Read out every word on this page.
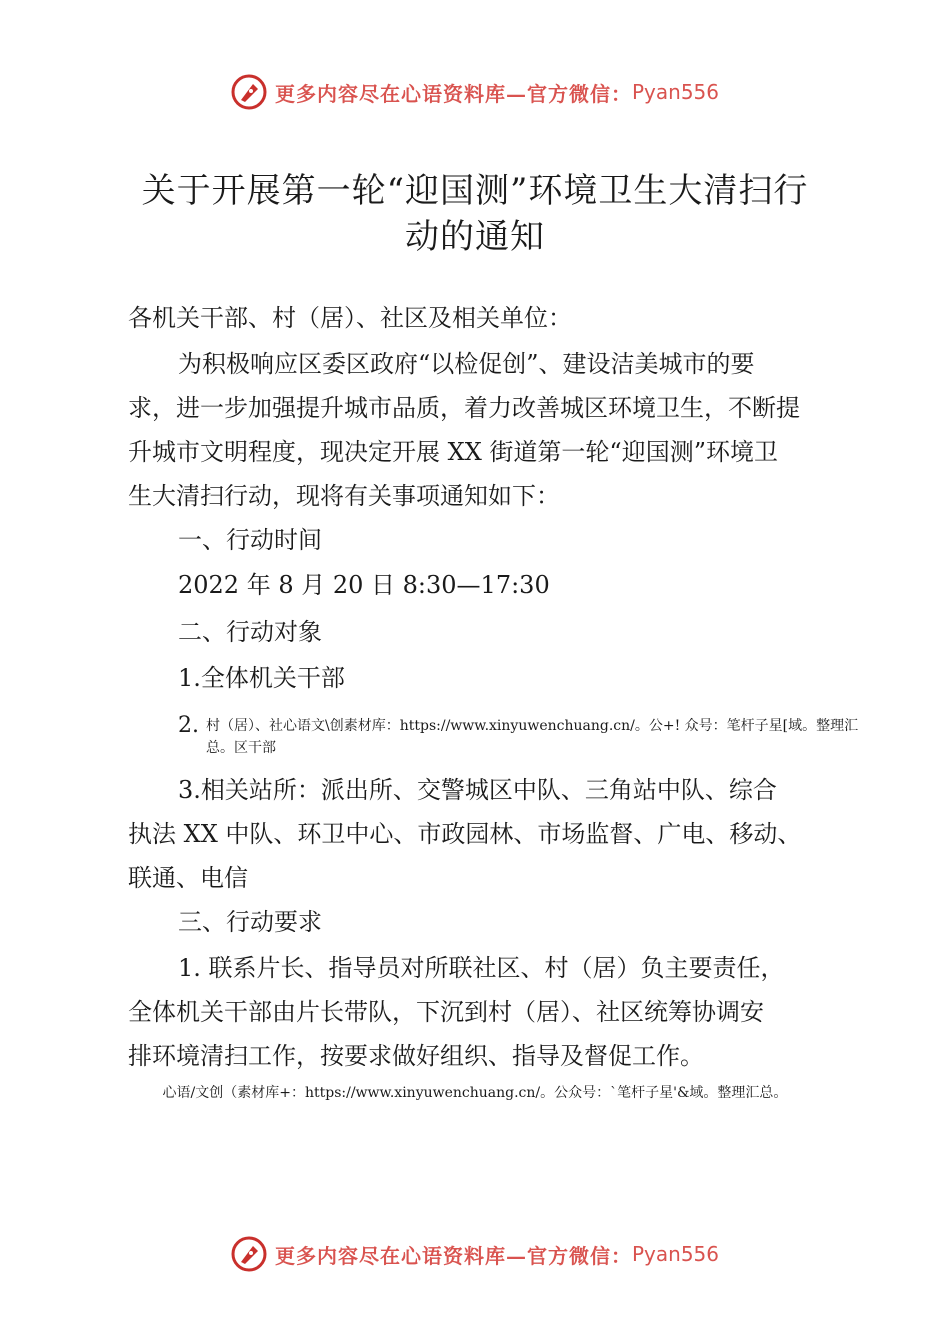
更多内容尽在心语资料库—官方微信： Pyan556
关于开展第一轮“迎国测”环境卫生大清扫行
动的通知
各机关干部、村（居）、社区及相关单位：
为积极响应区委区政府“以检促创”、建设洁美城市的要
求，进一步加强提升城市品质，着力改善城区环境卫生，不断提
升城市文明程度，现决定开展 XX 街道第一轮“迎国测”环境卫
生大清扫行动，现将有关事项通知如下：
一、行动时间
2022 年 8 月 20 日 8:30—17:30
二、行动对象
1.全体机关干部
2. 村（居）、社心语文\创素材库：https://www.xinyuwenchuang.cn/。公+! 众号：笔杆子星[域。整理汇总。区干部
3.相关站所：派出所、交警城区中队、三角站中队、综合
执法 XX 中队、环卫中心、市政园林、市场监督、广电、移动、
联通、电信
三、行动要求
1. 联系片长、指导员对所联社区、村（居）负主要责任，
全体机关干部由片长带队，下沉到村（居）、社区统筹协调安
排环境清扫工作，按要求做好组织、指导及督促工作。
心语/文创（素材库+：https://www.xinyuwenchuang.cn/。公众号：`笔杆子星'&域。整理汇总。
更多内容尽在心语资料库—官方微信： Pyan556
